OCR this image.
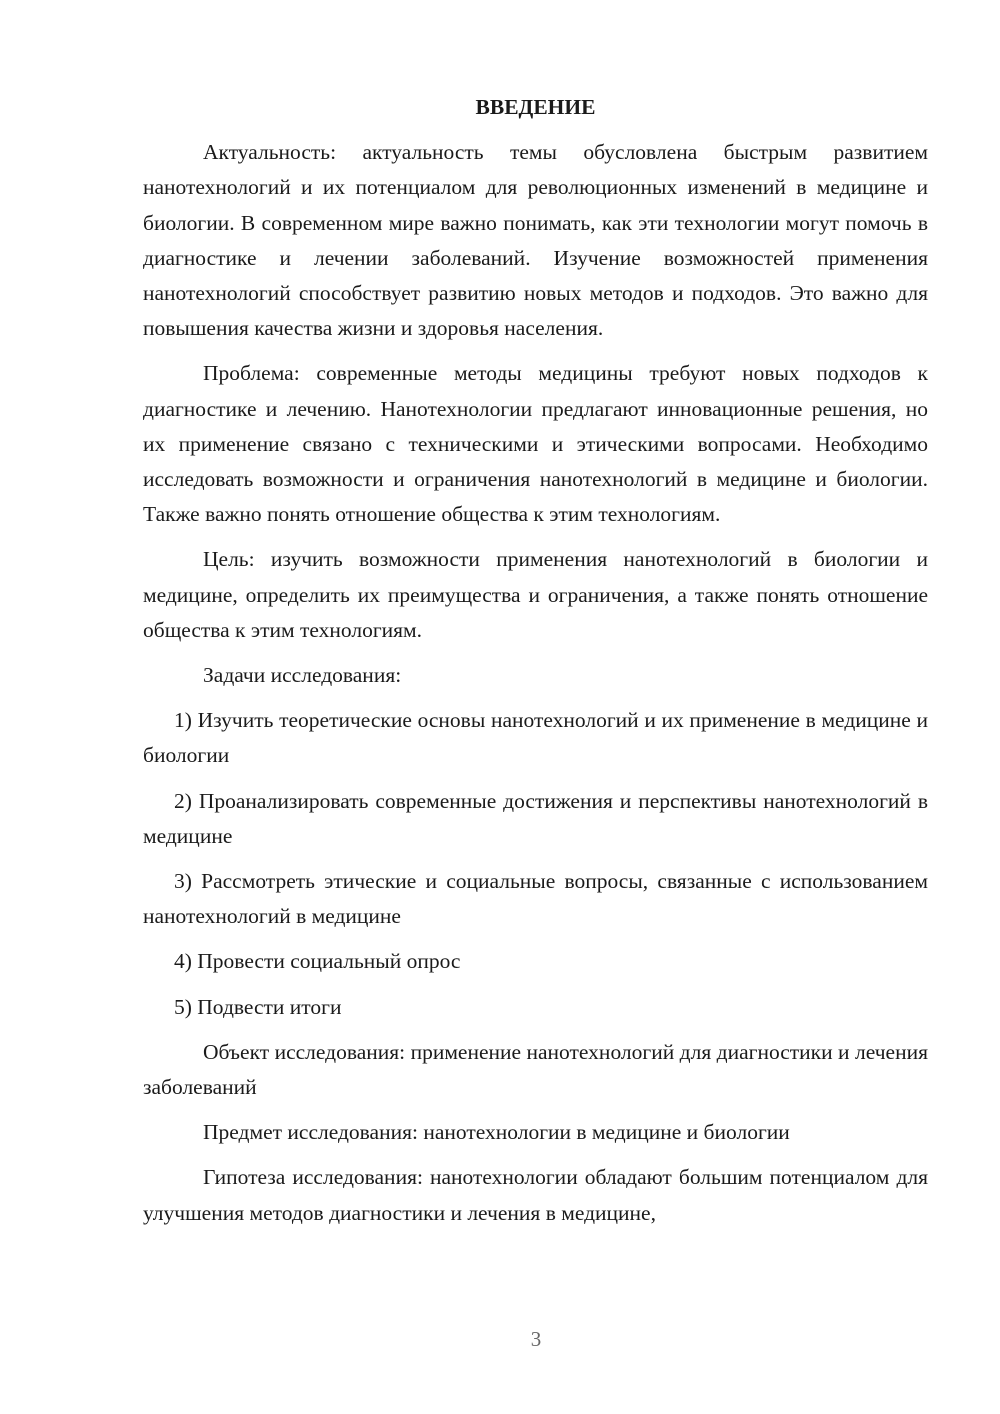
ВВЕДЕНИЕ

Актуальность: актуальность темы обусловлена быстрым развитием нанотехнологий и их потенциалом для революционных изменений в медицине и биологии. В современном мире важно понимать, как эти технологии могут помочь в диагностике и лечении заболеваний. Изучение возможностей применения нанотехнологий способствует развитию новых методов и подходов. Это важно для повышения качества жизни и здоровья населения.

Проблема: современные методы медицины требуют новых подходов к диагностике и лечению. Нанотехнологии предлагают инновационные решения, но их применение связано с техническими и этическими вопросами. Необходимо исследовать возможности и ограничения нанотехнологий в медицине и биологии. Также важно понять отношение общества к этим технологиям.

Цель: изучить возможности применения нанотехнологий в биологии и медицине, определить их преимущества и ограничения, а также понять отношение общества к этим технологиям.

Задачи исследования:

1) Изучить теоретические основы нанотехнологий и их применение в медицине и биологии

2) Проанализировать современные достижения и перспективы нанотехнологий в медицине

3) Рассмотреть этические и социальные вопросы, связанные с использованием нанотехнологий в медицине

4) Провести социальный опрос

5) Подвести итоги

Объект исследования: применение нанотехнологий для диагностики и лечения заболеваний

Предмет исследования: нанотехнологии в медицине и биологии

Гипотеза исследования: нанотехнологии обладают большим потенциалом для улучшения методов диагностики и лечения в медицине,

3
